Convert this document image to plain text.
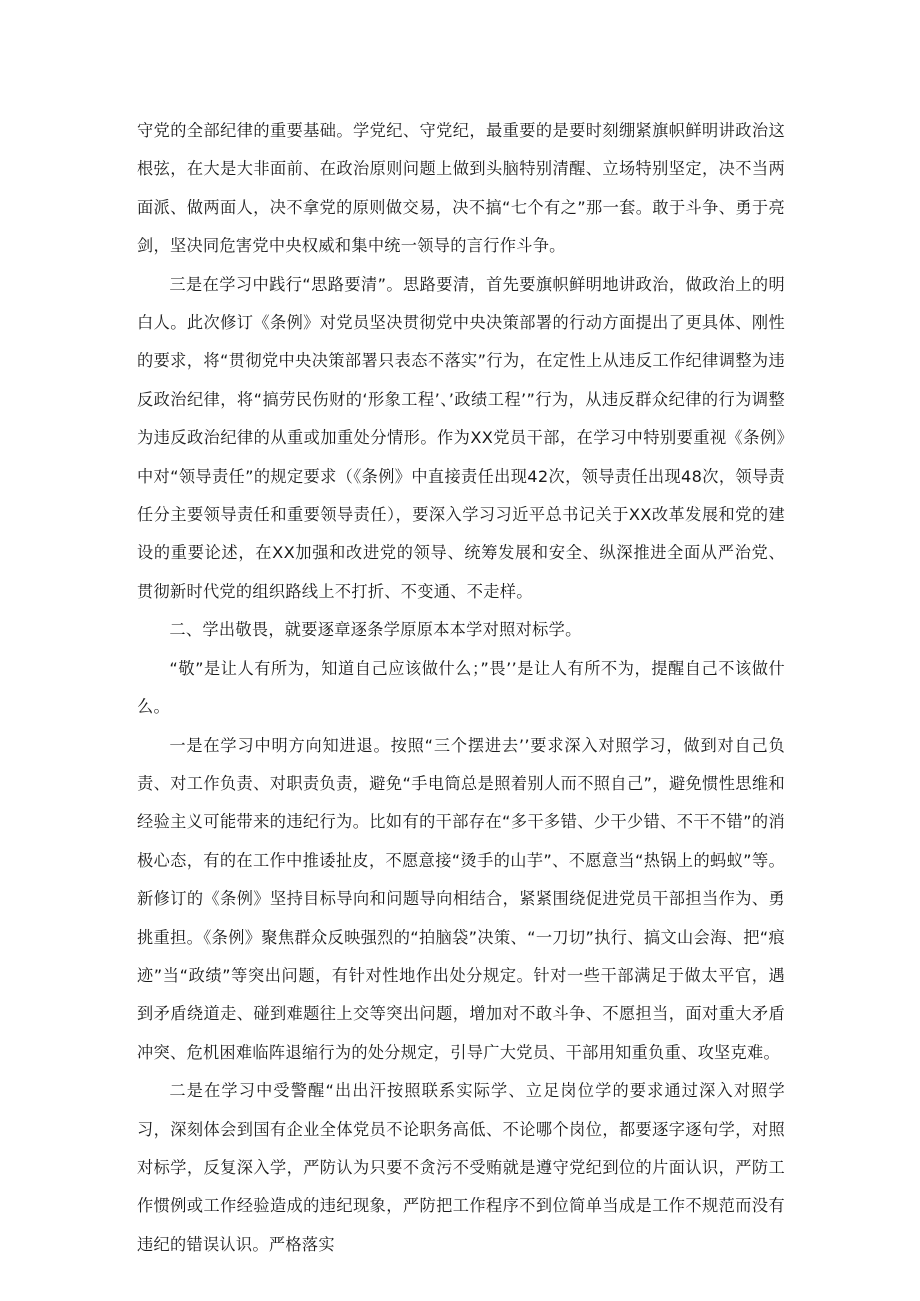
守党的全部纪律的重要基础。学党纪、守党纪，最重要的是要时刻绷紧旗帜鲜明讲政治这根弦，在大是大非面前、在政治原则问题上做到头脑特别清醒、立场特别坚定，决不当两面派、做两面人，决不拿党的原则做交易，决不搞“七个有之”那一套。敢于斗争、勇于亮剑，坚决同危害党中央权威和集中统一领导的言行作斗争。

三是在学习中践行“思路要清”。思路要清，首先要旗帜鲜明地讲政治，做政治上的明白人。此次修订《条例》对党员坚决贯彻党中央决策部署的行动方面提出了更具体、刚性的要求，将“贯彻党中央决策部署只表态不落实”行为，在定性上从违反工作纪律调整为违反政治纪律，将“搞劳民伤财的‘形象工程’、’政绩工程’”行为，从违反群众纪律的行为调整为违反政治纪律的从重或加重处分情形。作为XX党员干部，在学习中特别要重视《条例》中对“领导责任”的规定要求（《条例》中直接责任出现42次，领导责任出现48次，领导责任分主要领导责任和重要领导责任），要深入学习习近平总书记关于XX改革发展和党的建设的重要论述，在XX加强和改进党的领导、统筹发展和安全、纵深推进全面从严治党、贯彻新时代党的组织路线上不打折、不变通、不走样。

二、学出敬畏，就要逐章逐条学原原本本学对照对标学。

“敬”是让人有所为，知道自己应该做什么；”畏’’是让人有所不为，提醒自己不该做什么。

一是在学习中明方向知进退。按照“三个摆进去’’要求深入对照学习，做到对自己负责、对工作负责、对职责负责，避免“手电筒总是照着别人而不照自己”，避免惯性思维和经验主义可能带来的违纪行为。比如有的干部存在“多干多错、少干少错、不干不错”的消极心态，有的在工作中推诿扯皮，不愿意接“烫手的山芋”、不愿意当“热锅上的蚂蚁”等。新修订的《条例》坚持目标导向和问题导向相结合，紧紧围绕促进党员干部担当作为、勇挑重担。《条例》聚焦群众反映强烈的“拍脑袋”决策、“一刀切”执行、搞文山会海、把“痕迹”当“政绩”等突出问题，有针对性地作出处分规定。针对一些干部满足于做太平官，遇到矛盾绕道走、碰到难题往上交等突出问题，增加对不敢斗争、不愿担当，面对重大矛盾冲突、危机困难临阵退缩行为的处分规定，引导广大党员、干部用知重负重、攻坚克难。

二是在学习中受警醒“出出汗按照联系实际学、立足岗位学的要求通过深入对照学习，深刻体会到国有企业全体党员不论职务高低、不论哪个岗位，都要逐字逐句学，对照对标学，反复深入学，严防认为只要不贪污不受贿就是遵守党纪到位的片面认识，严防工作惯例或工作经验造成的违纪现象，严防把工作程序不到位简单当成是工作不规范而没有违纪的错误认识。严格落实
